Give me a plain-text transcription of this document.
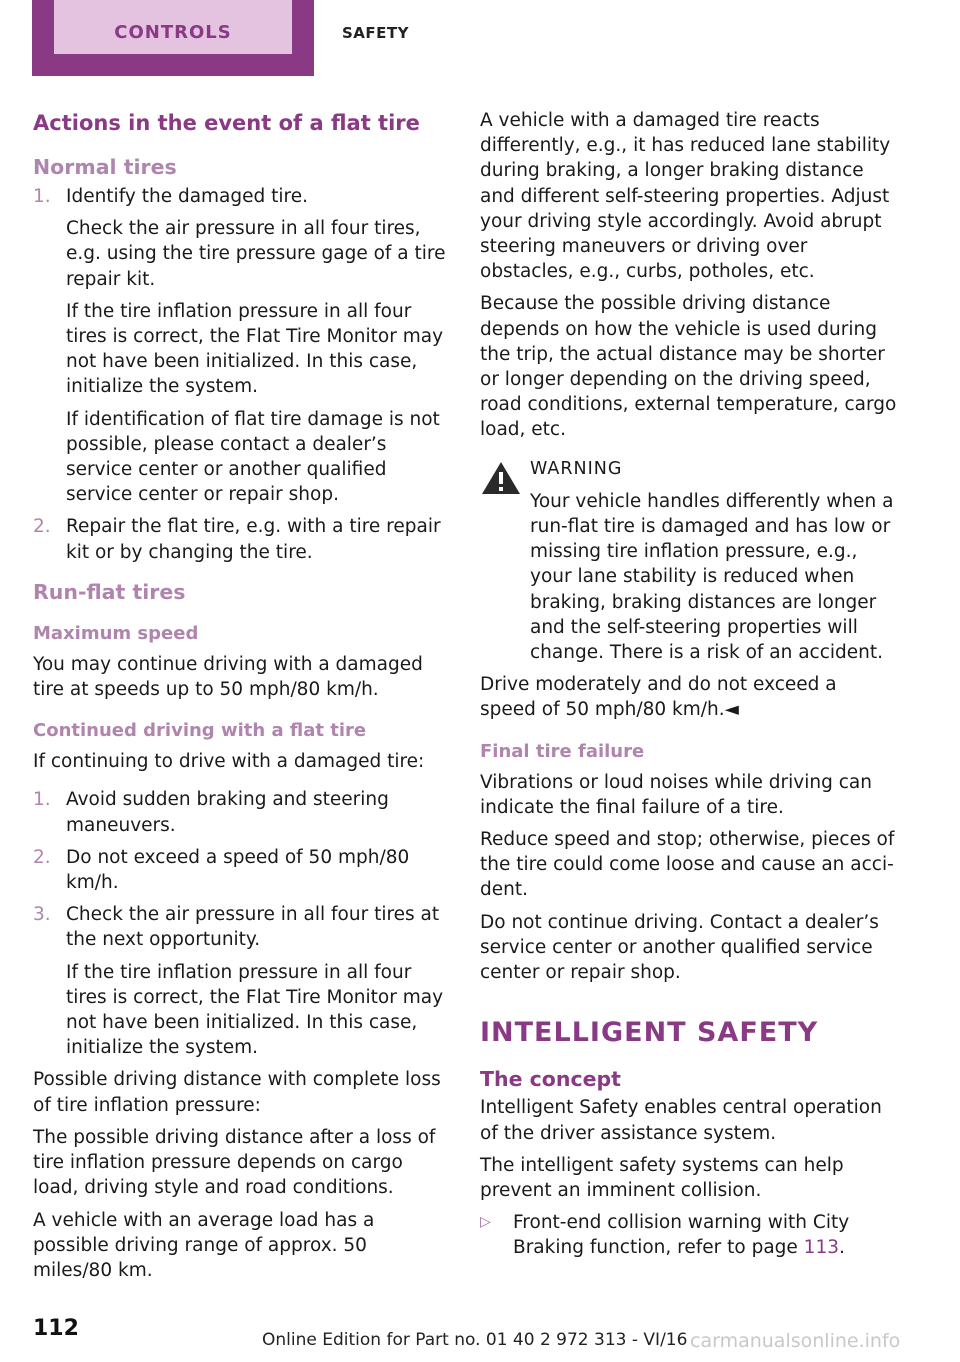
CONTROLS	SAFETY
Actions in the event of a flat tire
Normal tires
1. Identify the damaged tire.
Check the air pressure in all four tires, e.g. using the tire pressure gage of a tire repair kit.
If the tire inflation pressure in all four tires is correct, the Flat Tire Monitor may not have been initialized. In this case, initialize the system.
If identification of flat tire damage is not possible, please contact a dealer’s service center or another qualified service center or repair shop.
2. Repair the flat tire, e.g. with a tire repair kit or by changing the tire.
Run-flat tires
Maximum speed

You may continue driving with a damaged tire at speeds up to 50 mph/80 km/h.

Continued driving with a flat tire

If continuing to drive with a damaged tire:

1. Avoid sudden braking and steering maneuvers.
2. Do not exceed a speed of 50 mph/80 km/h.
3. Check the air pressure in all four tires at the next opportunity.
If the tire inflation pressure in all four tires is correct, the Flat Tire Monitor may not have been initialized. In this case, initialize the system.

Possible driving distance with complete loss of tire inflation pressure:

The possible driving distance after a loss of tire inflation pressure depends on cargo load, driving style and road conditions.

A vehicle with an average load has a possible driving range of approx. 50 miles/80 km.

A vehicle with a damaged tire reacts differently, e.g., it has reduced lane stability during braking, a longer braking distance and different self-steering properties. Adjust your driving style accordingly. Avoid abrupt steering maneuvers or driving over obstacles, e.g., curbs, potholes, etc.

Because the possible driving distance depends on how the vehicle is used during the trip, the actual distance may be shorter or longer depending on the driving speed, road conditions, external temperature, cargo load, etc.

WARNING

Your vehicle handles differently when a run-flat tire is damaged and has low or missing tire inflation pressure, e.g., your lane stability is reduced when braking, braking distances are longer and the self-steering properties will change. There is a risk of an accident.

Drive moderately and do not exceed a speed of 50 mph/80 km/h.◄

Final tire failure

Vibrations or loud noises while driving can indicate the final failure of a tire.

Reduce speed and stop; otherwise, pieces of the tire could come loose and cause an accident.

Do not continue driving. Contact a dealer’s service center or another qualified service center or repair shop.

INTELLIGENT SAFETY
The concept

Intelligent Safety enables central operation of the driver assistance system.

The intelligent safety systems can help prevent an imminent collision.

▷ Front-end collision warning with City Braking function, refer to page 113.
112	Online Edition for Part no. 01 40 2 972 313 - VI/16 carmanualsonline.info
